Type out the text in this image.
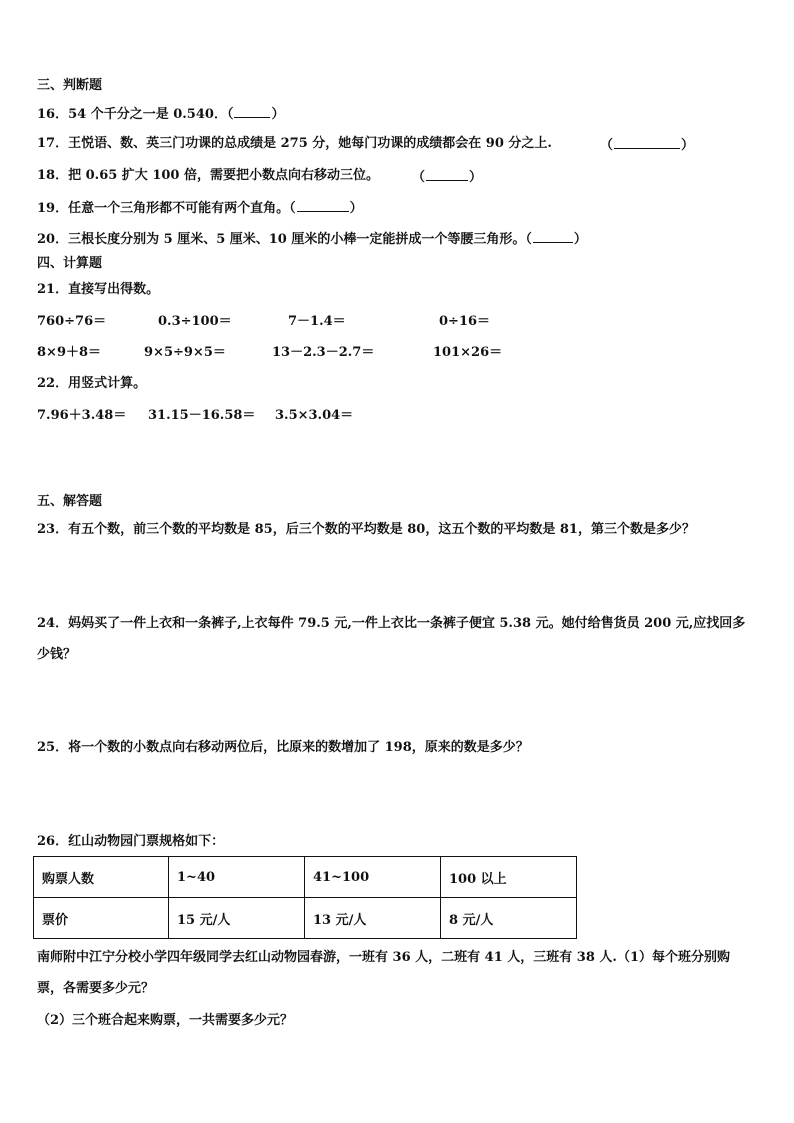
三、判断题
16．54 个千分之一是 0.540．（	）
17．王悦语、数、英三门功课的总成绩是 275 分，她每门功课的成绩都会在 90 分之上.	（	）
18．把 0.65 扩大 100 倍，需要把小数点向右移动三位。	（	）
19．任意一个三角形都不可能有两个直角。（	）
20．三根长度分别为 5 厘米、5 厘米、10 厘米的小棒一定能拼成一个等腰三角形。（	）
四、计算题
21．直接写出得数。
760÷76＝	0.3÷100＝	7－1.4＝	0÷16＝
8×9＋8＝	9×5÷9×5＝	13－2.3－2.7＝	101×26＝
22．用竖式计算。
7.96＋3.48＝ 31.15－16.58＝ 3.5×3.04＝
五、解答题
23．有五个数，前三个数的平均数是 85，后三个数的平均数是 80，这五个数的平均数是 81，第三个数是多少？
24．妈妈买了一件上衣和一条裤子,上衣每件 79.5 元,一件上衣比一条裤子便宜 5.38 元。她付给售货员 200 元,应找回多
少钱？
25．将一个数的小数点向右移动两位后，比原来的数增加了 198，原来的数是多少？
26．红山动物园门票规格如下：
购票人数	1~40	41~100	100 以上
票价	15 元/人	13 元/人	8 元/人
南师附中江宁分校小学四年级同学去红山动物园春游，一班有 36 人，二班有 41 人，三班有 38 人.（1）每个班分别购
票，各需要多少元？
（2）三个班合起来购票，一共需要多少元？
